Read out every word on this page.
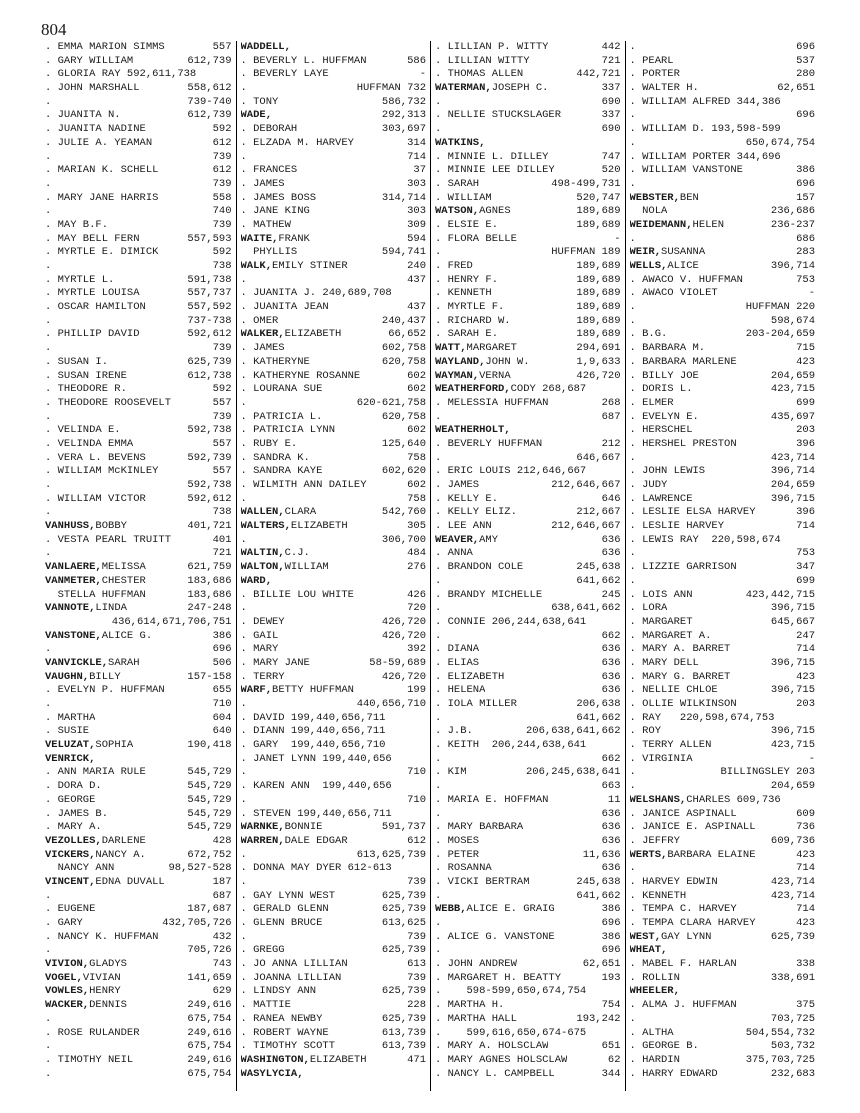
804
. EMMA MARION SIMMS	557
. GARY WILLIAM	612,739
. GLORIA RAY 592,611,738
. JOHN MARSHALL	558,612
.	739-740
. JUANITA N.	612,739
. JUANITA NADINE	592
. JULIE A. YEAMAN	612
.	739
. MARIAN K. SCHELL	612
.	739
. MARY JANE HARRIS	558
.	740
. MAY B.F.	739
. MAY BELL FERN	557,593
. MYRTLE E. DIMICK	592
.	738
. MYRTLE L.	591,738
. MYRTLE LOUISA	557,737
. OSCAR HAMILTON	557,592
.	737-738
. PHILLIP DAVID	592,612
.	739
. SUSAN I.	625,739
. SUSAN IRENE	612,738
. THEODORE R.	592
. THEODORE ROOSEVELT	557
.	739
. VELINDA E.	592,738
. VELINDA EMMA	557
. VERA L. BEVENS	592,739
. WILLIAM McKINLEY	557
.	592,738
. WILLIAM VICTOR	592,612
.	738
VANHUSS,BOBBY	401,721
. VESTA PEARL TRUITT	401
.	721
VANLAERE,MELISSA	621,759
VANMETER,CHESTER	183,686
STELLA HUFFMAN	183,686
VANNOTE,LINDA	247-248
436,614,671,706,751
VANSTONE,ALICE G.	386
.	696
VANVICKLE,SARAH	506
VAUGHN,BILLY	157-158
. EVELYN P. HUFFMAN	655
.	710
. MARTHA	604
. SUSIE	640
VELUZAT,SOPHIA	190,418
VENRICK,
. ANN MARIA RULE	545,729
. DORA D.	545,729
. GEORGE	545,729
. JAMES B.	545,729
. MARY A.	545,729
VEZOLLES,DARLENE	428
VICKERS,NANCY A.	672,752
NANCY ANN	98,527-528
VINCENT,EDNA DUVALL	187
.	687
. EUGENE	187,687
. GARY	432,705,726
. NANCY K. HUFFMAN	432
.	705,726
VIVION,GLADYS	743
VOGEL,VIVIAN	141,659
VOWLES,HENRY	629
WACKER,DENNIS	249,616
.	675,754
. ROSE RULANDER	249,616
.	675,754
. TIMOTHY NEIL	249,616
.	675,754
WADDELL,
. BEVERLY L. HUFFMAN	586
. BEVERLY LAYE	-
.	HUFFMAN 732
. TONY	586,732
WADE,	292,313
. DEBORAH	303,697
. ELZADA M. HARVEY	314
.	714
. FRANCES	37
. JAMES	303
. JAMES BOSS	314,714
. JANE KING	303
. MATHEW	309
WAITE,FRANK	594
PHYLLIS	594,741
WALK,EMILY STINER	240
.	437
. JUANITA J. 240,689,708
. JUANITA JEAN	437
. OMER	240,437
WALKER,ELIZABETH	66,652
. JAMES	602,758
. KATHERYNE	620,758
. KATHERYNE ROSANNE	602
. LOURANA SUE	602
.	620-621,758
. PATRICIA L.	620,758
. PATRICIA LYNN	602
. RUBY E.	125,640
. SANDRA K.	758
. SANDRA KAYE	602,620
. WILMITH ANN DAILEY	602
.	758
WALLEN,CLARA	542,760
WALTERS,ELIZABETH	305
.	306,700
WALTIN,C.J.	484
WALTON,WILLIAM	276
WARD,
. BILLIE LOU WHITE	426
.	720
. DEWEY	426,720
. GAIL	426,720
. MARY	392
. MARY JANE	58-59,689
. TERRY	426,720
WARF,BETTY HUFFMAN	199
.	440,656,710
. DAVID 199,440,656,711
. DIANN 199,440,656,711
. GARY  199,440,656,710
. JANET LYNN 199,440,656
.	710
. KAREN ANN  199,440,656
.	710
. STEVEN 199,440,656,711
WARNKE,BONNIE	591,737
WARREN,DALE EDGAR	612
.	613,625,739
. DONNA MAY DYER 612-613
.	739
. GAY LYNN WEST	625,739
. GERALD GLENN	625,739
. GLENN BRUCE	613,625
.	739
. GREGG	625,739
. JO ANNA LILLIAN	613
. JOANNA LILLIAN	739
. LINDSY ANN	625,739
. MATTIE	228
. RANEA NEWBY	625,739
. ROBERT WAYNE	613,739
. TIMOTHY SCOTT	613,739
WASHINGTON,ELIZABETH	471
WASYLYCIA,
. LILLIAN P. WITTY	442
. LILLIAN WITTY	721
. THOMAS ALLEN	442,721
WATERMAN,JOSEPH C.	337
.	690
. NELLIE STUCKSLAGER	337
.	690
WATKINS,
. MINNIE L. DILLEY	747
. MINNIE LEE DILLEY	520
. SARAH	498-499,731
. WILLIAM	520,747
WATSON,AGNES	189,689
. ELSIE E.	189,689
. FLORA BELLE	-
.	HUFFMAN 189
. FRED	189,689
. HENRY F.	189,689
. KENNETH	189,689
. MYRTLE F.	189,689
. RICHARD W.	189,689
. SARAH E.	189,689
WATT,MARGARET	294,691
WAYLAND,JOHN W.	1,9,633
WAYMAN,VERNA	426,720
WEATHERFORD,CODY 268,687
. MELESSIA HUFFMAN	268
.	687
WEATHERHOLT,
. BEVERLY HUFFMAN	212
.	646,667
. ERIC LOUIS 212,646,667
. JAMES	212,646,667
. KELLY E.	646
. KELLY ELIZ.	212,667
. LEE ANN	212,646,667
WEAVER,AMY	636
. ANNA	636
. BRANDON COLE	245,638
.	641,662
. BRANDY MICHELLE	245
.	638,641,662
. CONNIE 206,244,638,641
.	662
. DIANA	636
. ELIAS	636
. ELIZABETH	636
. HELENA	636
. IOLA MILLER	206,638
.	641,662
. J.B.	206,638,641,662
. KEITH  206,244,638,641
.	662
. KIM	206,245,638,641
.	663
. MARIA E. HOFFMAN	11
.	636
. MARY BARBARA	636
. MOSES	636
. PETER	11,636
. ROSANNA	636
. VICKI BERTRAM	245,638
.	641,662
WEBB,ALICE E. GRAIG	386
.	696
. ALICE G. VANSTONE	386
.	696
. JOHN ANDREW	62,651
. MARGARET H. BEATTY	193
.    598-599,650,674,754
. MARTHA H.	754
. MARTHA HALL	193,242
.    599,616,650,674-675
. MARY A. HOLSCLAW	651
. MARY AGNES HOLSCLAW	62
. NANCY L. CAMPBELL	344
.	696
. PEARL	537
. PORTER	280
. WALTER H.	62,651
. WILLIAM ALFRED 344,386
.	696
. WILLIAM D. 193,598-599
.	650,674,754
. WILLIAM PORTER 344,696
. WILLIAM VANSTONE	386
.	696
WEBSTER,BEN	157
NOLA	236,686
WEIDEMANN,HELEN	236-237
.	686
WEIR,SUSANNA	283
WELLS,ALICE	396,714
. AWACO V. HUFFMAN	753
. AWACO VIOLET	-
.	HUFFMAN 220
.	598,674
. B.G.	203-204,659
. BARBARA M.	715
. BARBARA MARLENE	423
. BILLY JOE	204,659
. DORIS L.	423,715
. ELMER	699
. EVELYN E.	435,697
. HERSCHEL	203
. HERSHEL PRESTON	396
.	423,714
. JOHN LEWIS	396,714
. JUDY	204,659
. LAWRENCE	396,715
. LESLIE ELSA HARVEY	396
. LESLIE HARVEY	714
. LEWIS RAY  220,598,674
.	753
. LIZZIE GARRISON	347
.	699
. LOIS ANN	423,442,715
. LORA	396,715
. MARGARET	645,667
. MARGARET A.	247
. MARY A. BARRET	714
. MARY DELL	396,715
. MARY G. BARRET	423
. NELLIE CHLOE	396,715
. OLLIE WILKINSON	203
. RAY   220,598,674,753
. ROY	396,715
. TERRY ALLEN	423,715
. VIRGINIA	-
.	BILLINGSLEY 203
.	204,659
WELSHANS,CHARLES 609,736
. JANICE ASPINALL	609
. JANICE E. ASPINALL	736
. JEFFRY	609,736
WERTS,BARBARA ELAINE	423
.	714
. HARVEY EDWIN	423,714
. KENNETH	423,714
. TEMPA C. HARVEY	714
. TEMPA CLARA HARVEY	423
WEST,GAY LYNN	625,739
WHEAT,
. MABEL F. HARLAN	338
. ROLLIN	338,691
WHEELER,
. ALMA J. HUFFMAN	375
.	703,725
. ALTHA	504,554,732
. GEORGE B.	503,732
. HARDIN	375,703,725
. HARRY EDWARD	232,683
